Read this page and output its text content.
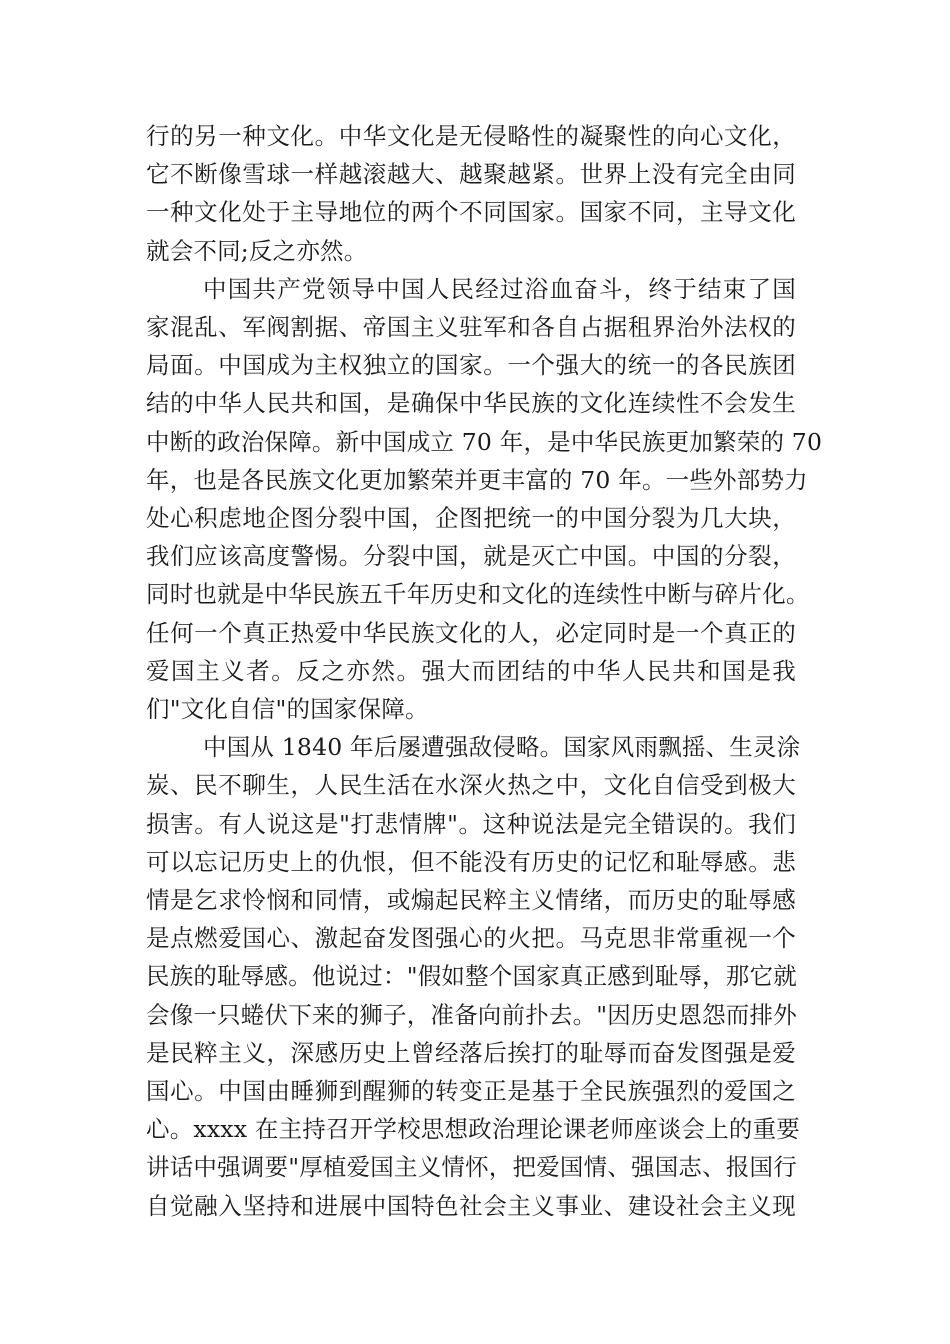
行的另一种文化。中华文化是无侵略性的凝聚性的向心文化，
它不断像雪球一样越滚越大、越聚越紧。世界上没有完全由同
一种文化处于主导地位的两个不同国家。国家不同，主导文化
就会不同;反之亦然。
中国共产党领导中国人民经过浴血奋斗，终于结束了国
家混乱、军阀割据、帝国主义驻军和各自占据租界治外法权的
局面。中国成为主权独立的国家。一个强大的统一的各民族团
结的中华人民共和国，是确保中华民族的文化连续性不会发生
中断的政治保障。新中国成立 70 年，是中华民族更加繁荣的 70
年，也是各民族文化更加繁荣并更丰富的 70 年。一些外部势力
处心积虑地企图分裂中国，企图把统一的中国分裂为几大块，
我们应该高度警惕。分裂中国，就是灭亡中国。中国的分裂，
同时也就是中华民族五千年历史和文化的连续性中断与碎片化。
任何一个真正热爱中华民族文化的人，必定同时是一个真正的
爱国主义者。反之亦然。强大而团结的中华人民共和国是我
们"文化自信"的国家保障。
中国从 1840 年后屡遭强敌侵略。国家风雨飘摇、生灵涂
炭、民不聊生，人民生活在水深火热之中，文化自信受到极大
损害。有人说这是"打悲情牌"。这种说法是完全错误的。我们
可以忘记历史上的仇恨，但不能没有历史的记忆和耻辱感。悲
情是乞求怜悯和同情，或煽起民粹主义情绪，而历史的耻辱感
是点燃爱国心、激起奋发图强心的火把。马克思非常重视一个
民族的耻辱感。他说过："假如整个国家真正感到耻辱，那它就
会像一只蜷伏下来的狮子，准备向前扑去。"因历史恩怨而排外
是民粹主义，深感历史上曾经落后挨打的耻辱而奋发图强是爱
国心。中国由睡狮到醒狮的转变正是基于全民族强烈的爱国之
心。xxxx 在主持召开学校思想政治理论课老师座谈会上的重要
讲话中强调要"厚植爱国主义情怀，把爱国情、强国志、报国行
自觉融入坚持和进展中国特色社会主义事业、建设社会主义现
